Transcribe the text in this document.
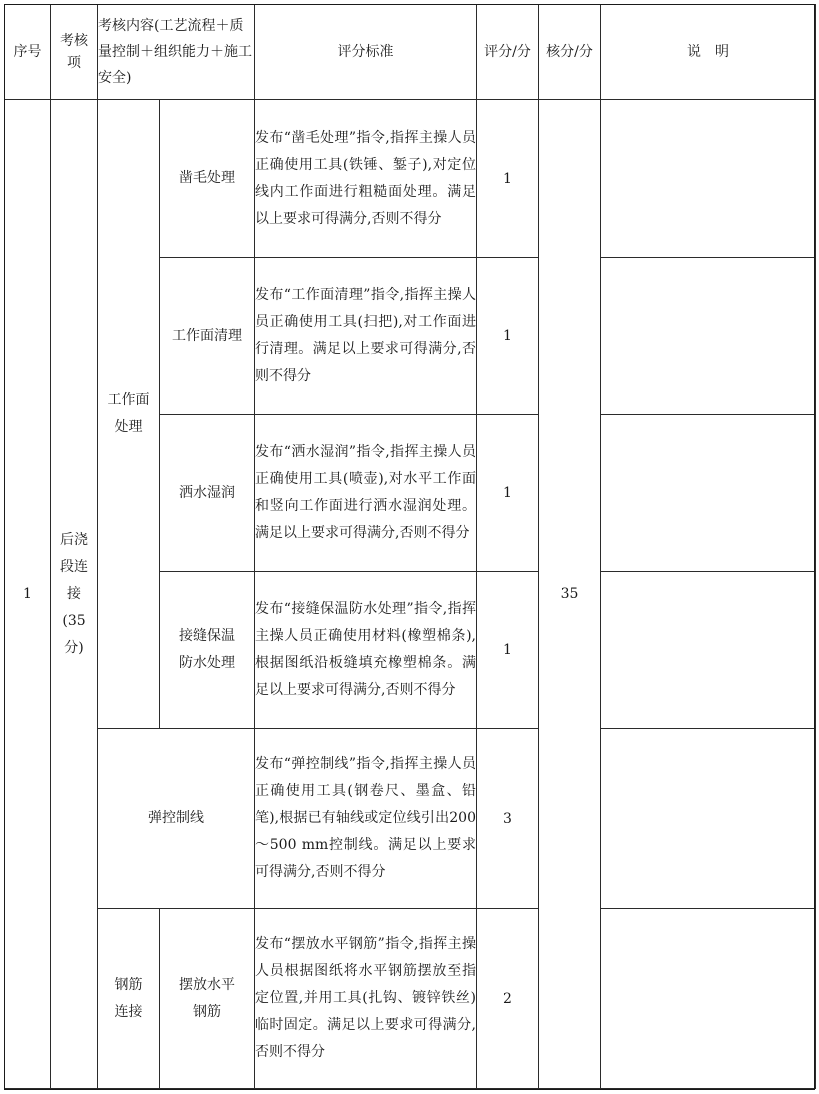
序号	考核项	考核内容(工艺流程＋质量控制＋组织能力＋施工安全)		评分标准	评分/分	核分/分	说　明
1	后浇段连接(35分)	工作面处理	凿毛处理	发布“凿毛处理”指令,指挥主操人员正确使用工具(铁锤、錾子),对定位线内工作面进行粗糙面处理。满足以上要求可得满分,否则不得分	1	35	
			工作面清理	发布“工作面清理”指令,指挥主操人员正确使用工具(扫把),对工作面进行清理。满足以上要求可得满分,否则不得分	1		
			洒水湿润	发布“洒水湿润”指令,指挥主操人员正确使用工具(喷壶),对水平工作面和竖向工作面进行洒水湿润处理。满足以上要求可得满分,否则不得分	1		
			接缝保温防水处理	发布“接缝保温防水处理”指令,指挥主操人员正确使用材料(橡塑棉条),根据图纸沿板缝填充橡塑棉条。满足以上要求可得满分,否则不得分	1		
		弹控制线		发布“弹控制线”指令,指挥主操人员正确使用工具(钢卷尺、墨盒、铅笔),根据已有轴线或定位线引出200～500 mm控制线。满足以上要求可得满分,否则不得分	3		
		钢筋连接	摆放水平钢筋	发布“摆放水平钢筋”指令,指挥主操人员根据图纸将水平钢筋摆放至指定位置,并用工具(扎钩、镀锌铁丝)临时固定。满足以上要求可得满分,否则不得分	2		
